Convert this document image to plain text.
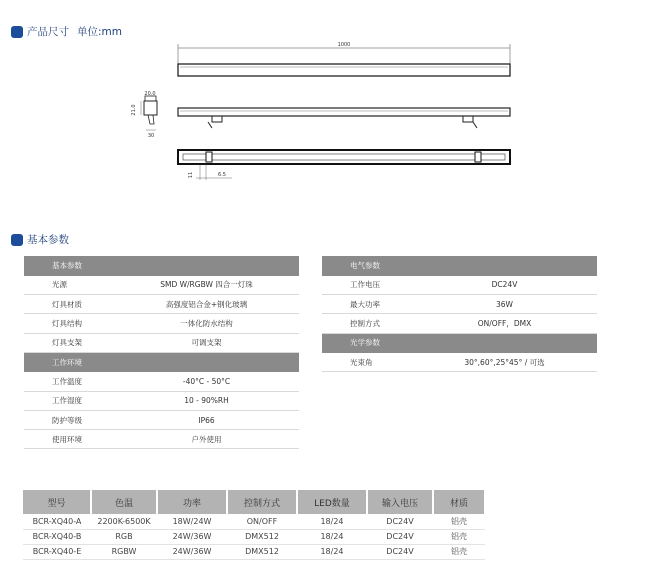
产品尺寸 单位:mm
1000
20.0
21.0
30
11	6.5
基本参数
基本参数	
光源	SMD W/RGBW 四合一灯珠
灯具材质	高强度铝合金+钢化玻璃
灯具结构	一体化防水结构
灯具支架	可调支架
工作环境	
工作温度	-40°C - 50°C
工作湿度	10 - 90%RH
防护等级	IP66
使用环境	户外使用
电气参数	
工作电压	DC24V
最大功率	36W
控制方式	ON/OFF，DMX
光学参数	
光束角	30°,60°,25°45° / 可选
型号	色温	功率	控制方式	LED数量	输入电压	材质
BCR-XQ40-A	2200K-6500K	18W/24W	ON/OFF	18/24	DC24V	铝壳
BCR-XQ40-B	RGB	24W/36W	DMX512	18/24	DC24V	铝壳
BCR-XQ40-E	RGBW	24W/36W	DMX512	18/24	DC24V	铝壳
